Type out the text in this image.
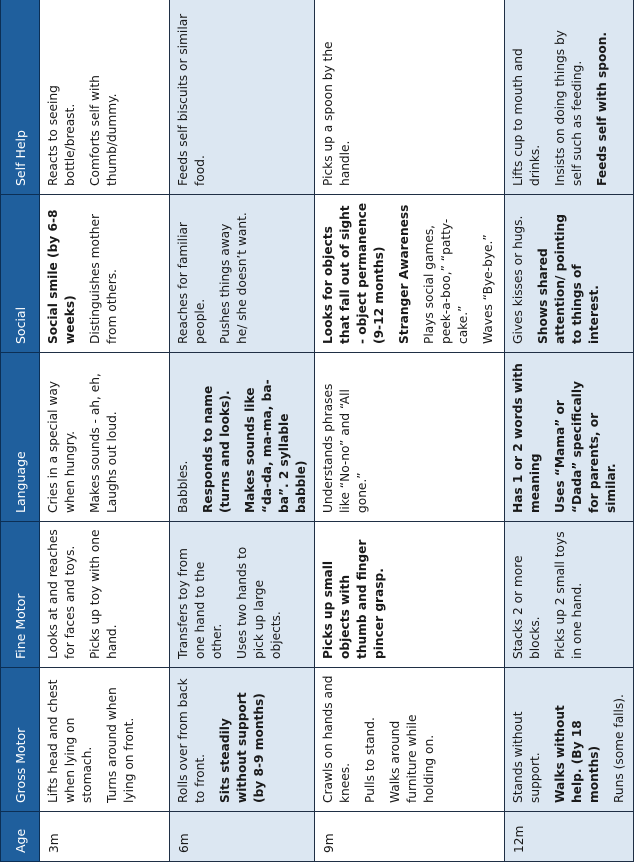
Age	Gross Motor	Fine Motor	Language	Social	Self Help
3m	Lifts head and chest when lying on stomach. Turns around when lying on front.	Looks at and reaches for faces and toys. Picks up toy with one hand.	Cries in a special way when hungry. Makes sounds - ah, eh, Laughs out loud.	Social smile (by 6-8 weeks) Distinguishes mother from others.	Reacts to seeing bottle/breast. Comforts self with thumb/dummy.

6m	Rolls over from back to front. Sits steadily without support (by 8-9 months)	Transfers toy from one hand to the other. Uses two hands to pick up large objects.	Babbles. Responds to name (turns and looks). Makes sounds like “da-da, ma-ma, ba-ba”. 2 syllable babble)	Reaches for familiar people. Pushes things away he/ she doesn’t want.	Feeds self biscuits or similar food.

9m	Crawls on hands and knees. Pulls to stand. Walks around furniture while holding on.	Picks up small objects with thumb and finger pincer grasp.	Understands phrases like “No-no” and “All gone.”	Looks for objects that fall out of sight - object permanence (9-12 months) Stranger Awareness Plays social games, peek-a-boo,” “patty-cake.” Waves “Bye-bye.”	Picks up a spoon by the handle.

12m	Stands without support. Walks without help. (By 18 months) Runs (some falls).	Stacks 2 or more blocks. Picks up 2 small toys in one hand.	Has 1 or 2 words with meaning Uses “Mama” or “Dada” specifically for parents, or similar.	Gives kisses or hugs. Shows shared attention/ pointing to things of interest.	Lifts cup to mouth and drinks. Insists on doing things by self such as feeding. Feeds self with spoon.
